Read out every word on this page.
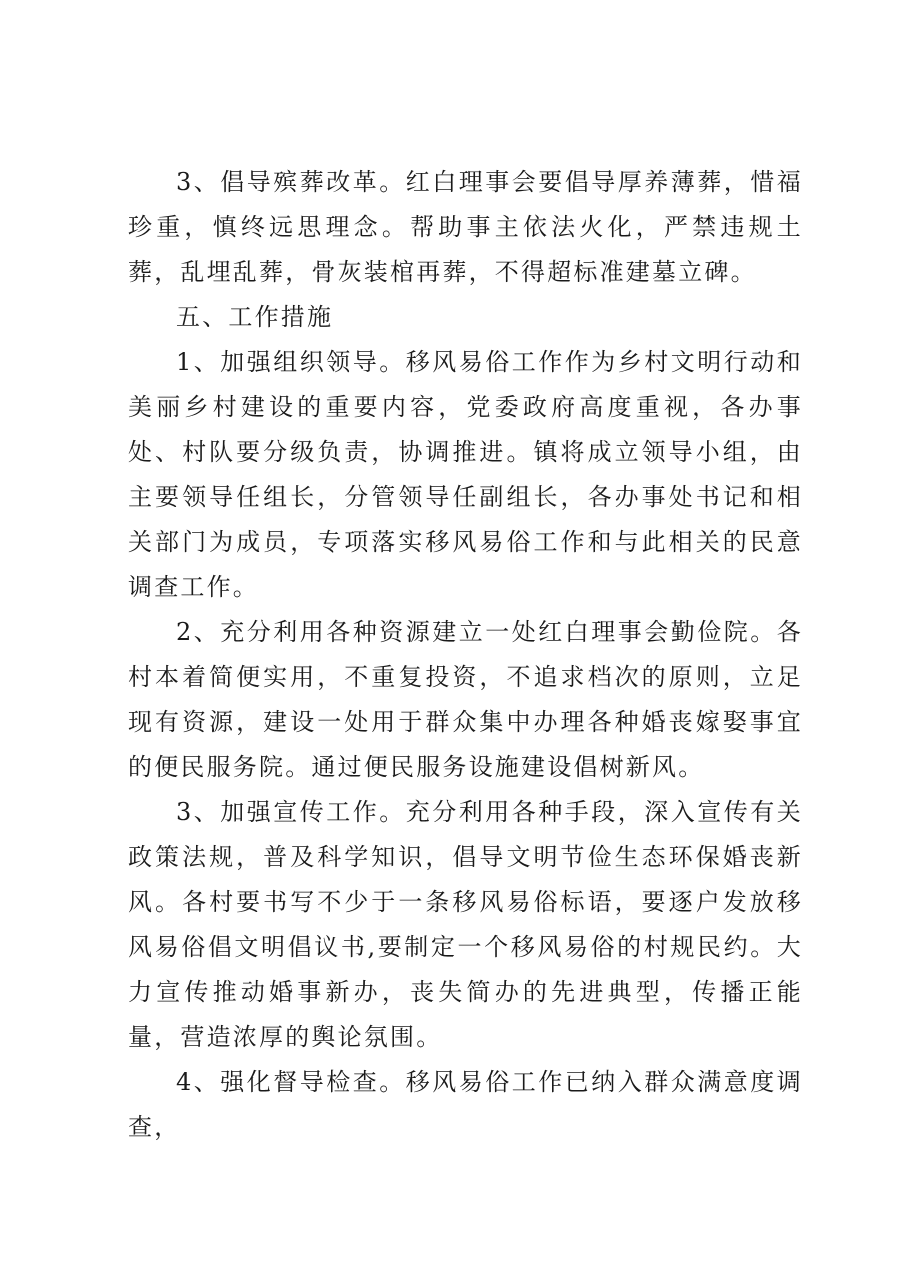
3、倡导殡葬改革。红白理事会要倡导厚养薄葬，惜福珍重，慎终远思理念。帮助事主依法火化，严禁违规土葬，乱埋乱葬，骨灰装棺再葬，不得超标准建墓立碑。

五、工作措施

1、加强组织领导。移风易俗工作作为乡村文明行动和美丽乡村建设的重要内容，党委政府高度重视，各办事处、村队要分级负责，协调推进。镇将成立领导小组，由主要领导任组长，分管领导任副组长，各办事处书记和相关部门为成员，专项落实移风易俗工作和与此相关的民意调查工作。

2、充分利用各种资源建立一处红白理事会勤俭院。各村本着简便实用，不重复投资，不追求档次的原则，立足现有资源，建设一处用于群众集中办理各种婚丧嫁娶事宜的便民服务院。通过便民服务设施建设倡树新风。

3、加强宣传工作。充分利用各种手段，深入宣传有关政策法规，普及科学知识，倡导文明节俭生态环保婚丧新风。各村要书写不少于一条移风易俗标语，要逐户发放移风易俗倡文明倡议书,要制定一个移风易俗的村规民约。大力宣传推动婚事新办，丧失简办的先进典型，传播正能量，营造浓厚的舆论氛围。

4、强化督导检查。移风易俗工作已纳入群众满意度调查，
